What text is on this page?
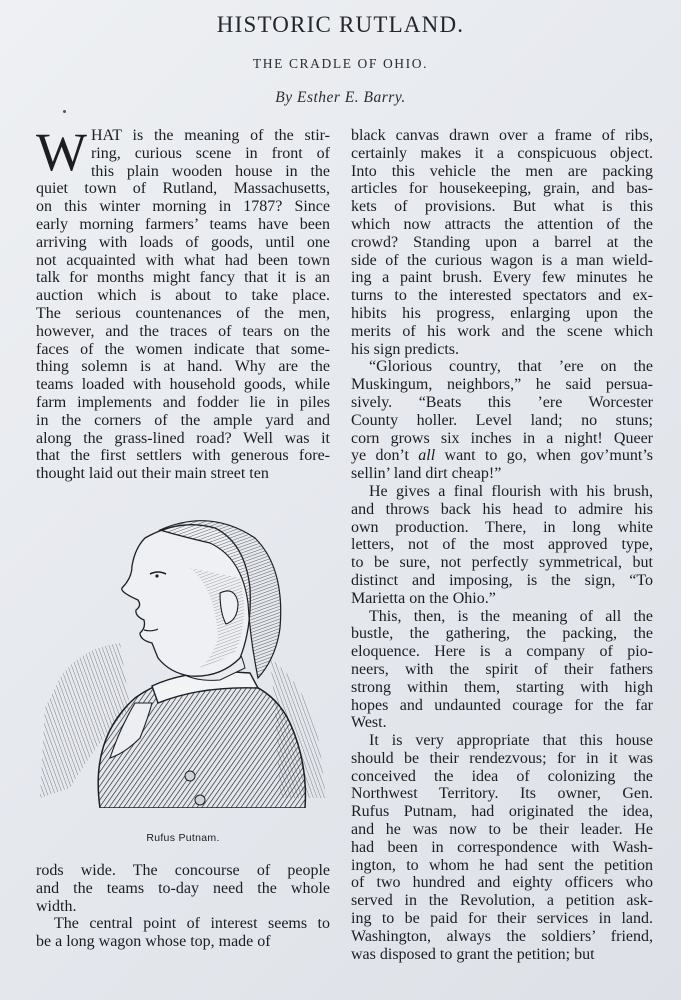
HISTORIC RUTLAND.
THE CRADLE OF OHIO.
By Esther E. Barry.
W HAT is the meaning of the stir-
ring, curious scene in front of
this plain wooden house in the
quiet town of Rutland, Massachusetts,
on this winter morning in 1787? Since
early morning farmers’ teams have been
arriving with loads of goods, until one
not acquainted with what had been town
talk for months might fancy that it is an
auction which is about to take place.
The serious countenances of the men,
however, and the traces of tears on the
faces of the women indicate that some-
thing solemn is at hand. Why are the
teams loaded with household goods, while
farm implements and fodder lie in piles
in the corners of the ample yard and
along the grass-lined road? Well was it
that the first settlers with generous fore-
thought laid out their main street ten
Rufus Putnam.
rods wide. The concourse of people
and the teams to-day need the whole
width.
The central point of interest seems to
be a long wagon whose top, made of
black canvas drawn over a frame of ribs,
certainly makes it a conspicuous object.
Into this vehicle the men are packing
articles for housekeeping, grain, and bas-
kets of provisions. But what is this
which now attracts the attention of the
crowd? Standing upon a barrel at the
side of the curious wagon is a man wield-
ing a paint brush. Every few minutes he
turns to the interested spectators and ex-
hibits his progress, enlarging upon the
merits of his work and the scene which
his sign predicts.
“Glorious country, that ’ere on the
Muskingum, neighbors,” he said persua-
sively. “Beats this ’ere Worcester
County holler. Level land; no stuns;
corn grows six inches in a night! Queer
ye don’t all want to go, when gov’munt’s
sellin’ land dirt cheap!”
He gives a final flourish with his brush,
and throws back his head to admire his
own production. There, in long white
letters, not of the most approved type,
to be sure, not perfectly symmetrical, but
distinct and imposing, is the sign, “To
Marietta on the Ohio.”
This, then, is the meaning of all the
bustle, the gathering, the packing, the
eloquence. Here is a company of pio-
neers, with the spirit of their fathers
strong within them, starting with high
hopes and undaunted courage for the far
West.
It is very appropriate that this house
should be their rendezvous; for in it was
conceived the idea of colonizing the
Northwest Territory. Its owner, Gen.
Rufus Putnam, had originated the idea,
and he was now to be their leader. He
had been in correspondence with Wash-
ington, to whom he had sent the petition
of two hundred and eighty officers who
served in the Revolution, a petition ask-
ing to be paid for their services in land.
Washington, always the soldiers’ friend,
was disposed to grant the petition; but
